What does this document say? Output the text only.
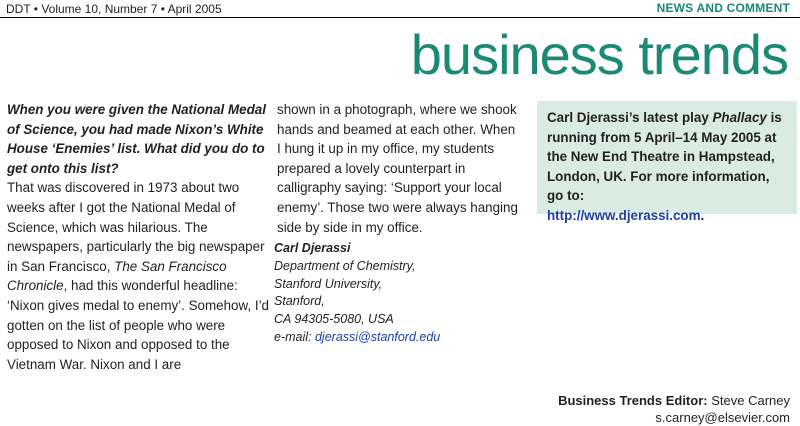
DDT • Volume 10, Number 7 • April 2005	NEWS AND COMMENT
business trends
When you were given the National Medal of Science, you had made Nixon’s White House ‘Enemies’ list. What did you do to get onto this list?
That was discovered in 1973 about two weeks after I got the National Medal of Science, which was hilarious. The newspapers, particularly the big newspaper in San Francisco, The San Francisco Chronicle, had this wonderful headline: ‘Nixon gives medal to enemy’. Somehow, I’d gotten on the list of people who were opposed to Nixon and opposed to the Vietnam War. Nixon and I are
shown in a photograph, where we shook hands and beamed at each other. When I hung it up in my office, my students prepared a lovely counterpart in calligraphy saying: ‘Support your local enemy’. Those two were always hanging side by side in my office.
Carl Djerassi
Department of Chemistry,
Stanford University,
Stanford,
CA 94305-5080, USA
e-mail: djerassi@stanford.edu
Carl Djerassi’s latest play Phallacy is running from 5 April–14 May 2005 at the New End Theatre in Hampstead, London, UK. For more information, go to:
http://www.djerassi.com.
Business Trends Editor: Steve Carney
s.carney@elsevier.com
